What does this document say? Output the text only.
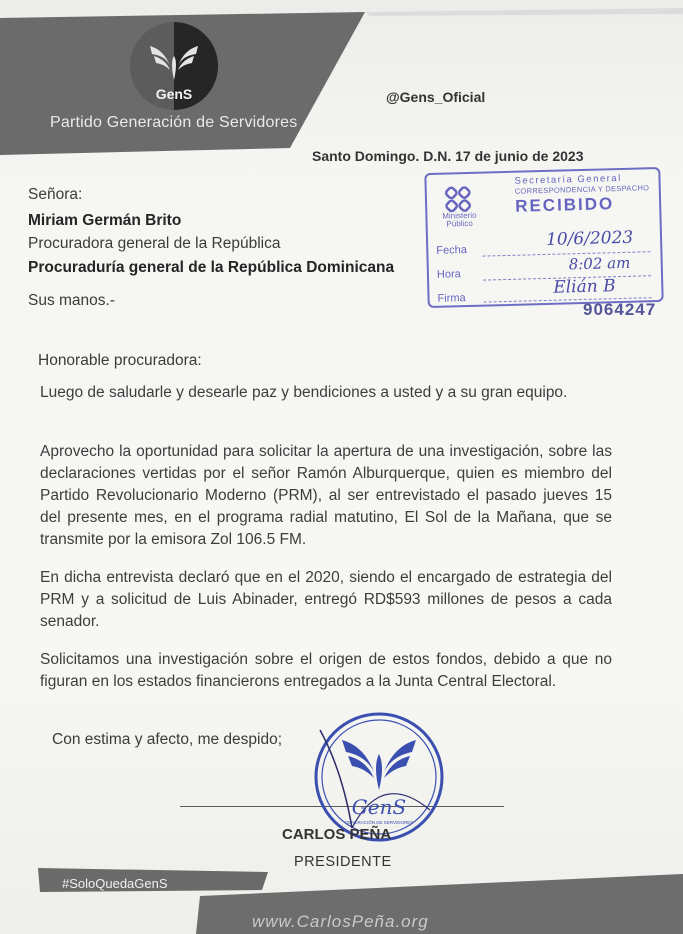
GenS
Partido Generación de Servidores
@Gens_Oficial
Santo Domingo. D.N. 17 de junio de 2023
Señora:
Miriam Germán Brito
Procuradora general de la República
Procuraduría general de la República Dominicana
Sus manos.-
Ministerio Público
Secretaría General
CORRESPONDENCIA Y DESPACHO
RECIBIDO
Fecha
10/6/2023
Hora
8:02 am
Firma
Elián B
9064247
Honorable procuradora:
Luego de saludarle y desearle paz y bendiciones a usted y a su gran equipo.
Aprovecho la oportunidad para solicitar la apertura de una investigación, sobre las declaraciones vertidas por el señor Ramón Alburquerque, quien es miembro del Partido Revolucionario Moderno (PRM), al ser entrevistado el pasado jueves 15 del presente mes, en el programa radial matutino, El Sol de la Mañana, que se transmite por la emisora Zol 106.5 FM.
En dicha entrevista declaró que en el 2020, siendo el encargado de estrategia del PRM y a solicitud de Luis Abinader, entregó RD$593 millones de pesos a cada senador.
Solicitamos una investigación sobre el origen de estos fondos, debido a que no figuran en los estados financierons entregados a la Junta Central Electoral.
Con estima y afecto, me despido;
GenS
GENERACIÓN DE SERVIDORES
CARLOS PEÑA
PRESIDENTE
#SoloQuedaGenS
www.CarlosPeña.org
